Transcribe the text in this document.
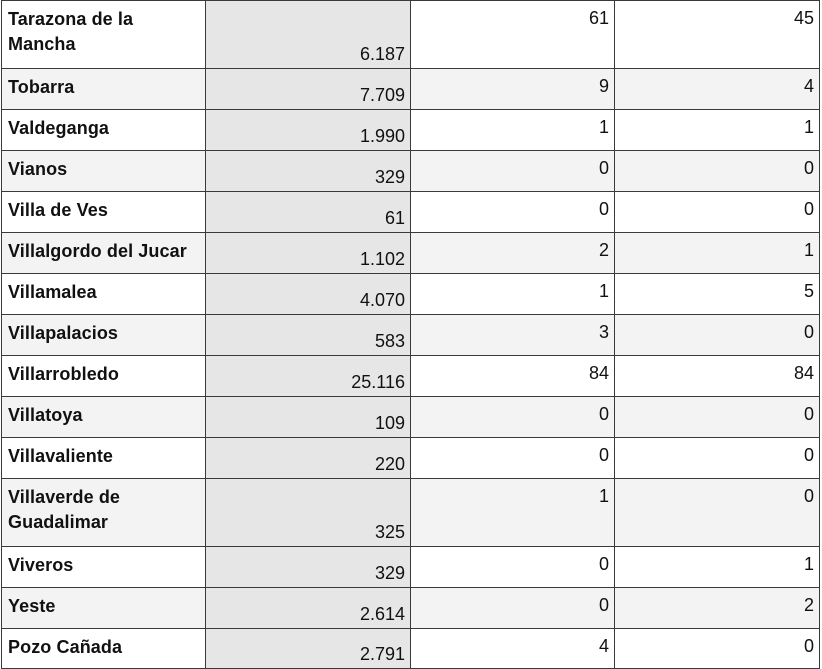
Tarazona de la Mancha	6.187	61	45
Tobarra	7.709	9	4
Valdeganga	1.990	1	1
Vianos	329	0	0
Villa de Ves	61	0	0
Villalgordo del Jucar	1.102	2	1
Villamalea	4.070	1	5
Villapalacios	583	3	0
Villarrobledo	25.116	84	84
Villatoya	109	0	0
Villavaliente	220	0	0
Villaverde de Guadalimar	325	1	0
Viveros	329	0	1
Yeste	2.614	0	2
Pozo Cañada	2.791	4	0
